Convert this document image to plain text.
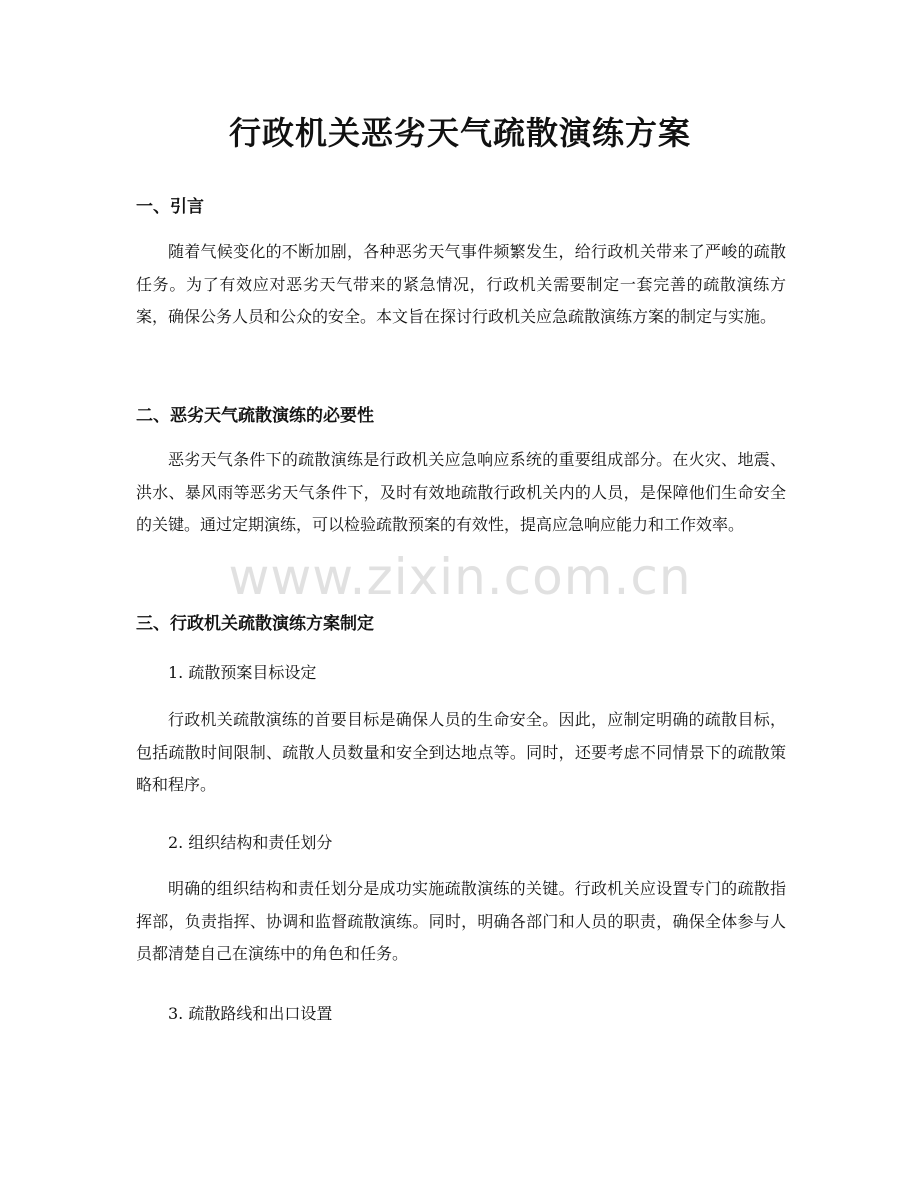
行政机关恶劣天气疏散演练方案
一、引言

随着气候变化的不断加剧，各种恶劣天气事件频繁发生，给行政机关带来了严峻的疏散任务。为了有效应对恶劣天气带来的紧急情况，行政机关需要制定一套完善的疏散演练方案，确保公务人员和公众的安全。本文旨在探讨行政机关应急疏散演练方案的制定与实施。

二、恶劣天气疏散演练的必要性

恶劣天气条件下的疏散演练是行政机关应急响应系统的重要组成部分。在火灾、地震、洪水、暴风雨等恶劣天气条件下，及时有效地疏散行政机关内的人员，是保障他们生命安全的关键。通过定期演练，可以检验疏散预案的有效性，提高应急响应能力和工作效率。

三、行政机关疏散演练方案制定

1. 疏散预案目标设定

行政机关疏散演练的首要目标是确保人员的生命安全。因此，应制定明确的疏散目标，包括疏散时间限制、疏散人员数量和安全到达地点等。同时，还要考虑不同情景下的疏散策略和程序。

2. 组织结构和责任划分

明确的组织结构和责任划分是成功实施疏散演练的关键。行政机关应设置专门的疏散指挥部，负责指挥、协调和监督疏散演练。同时，明确各部门和人员的职责，确保全体参与人员都清楚自己在演练中的角色和任务。

3. 疏散路线和出口设置

www.zixin.com.cn
